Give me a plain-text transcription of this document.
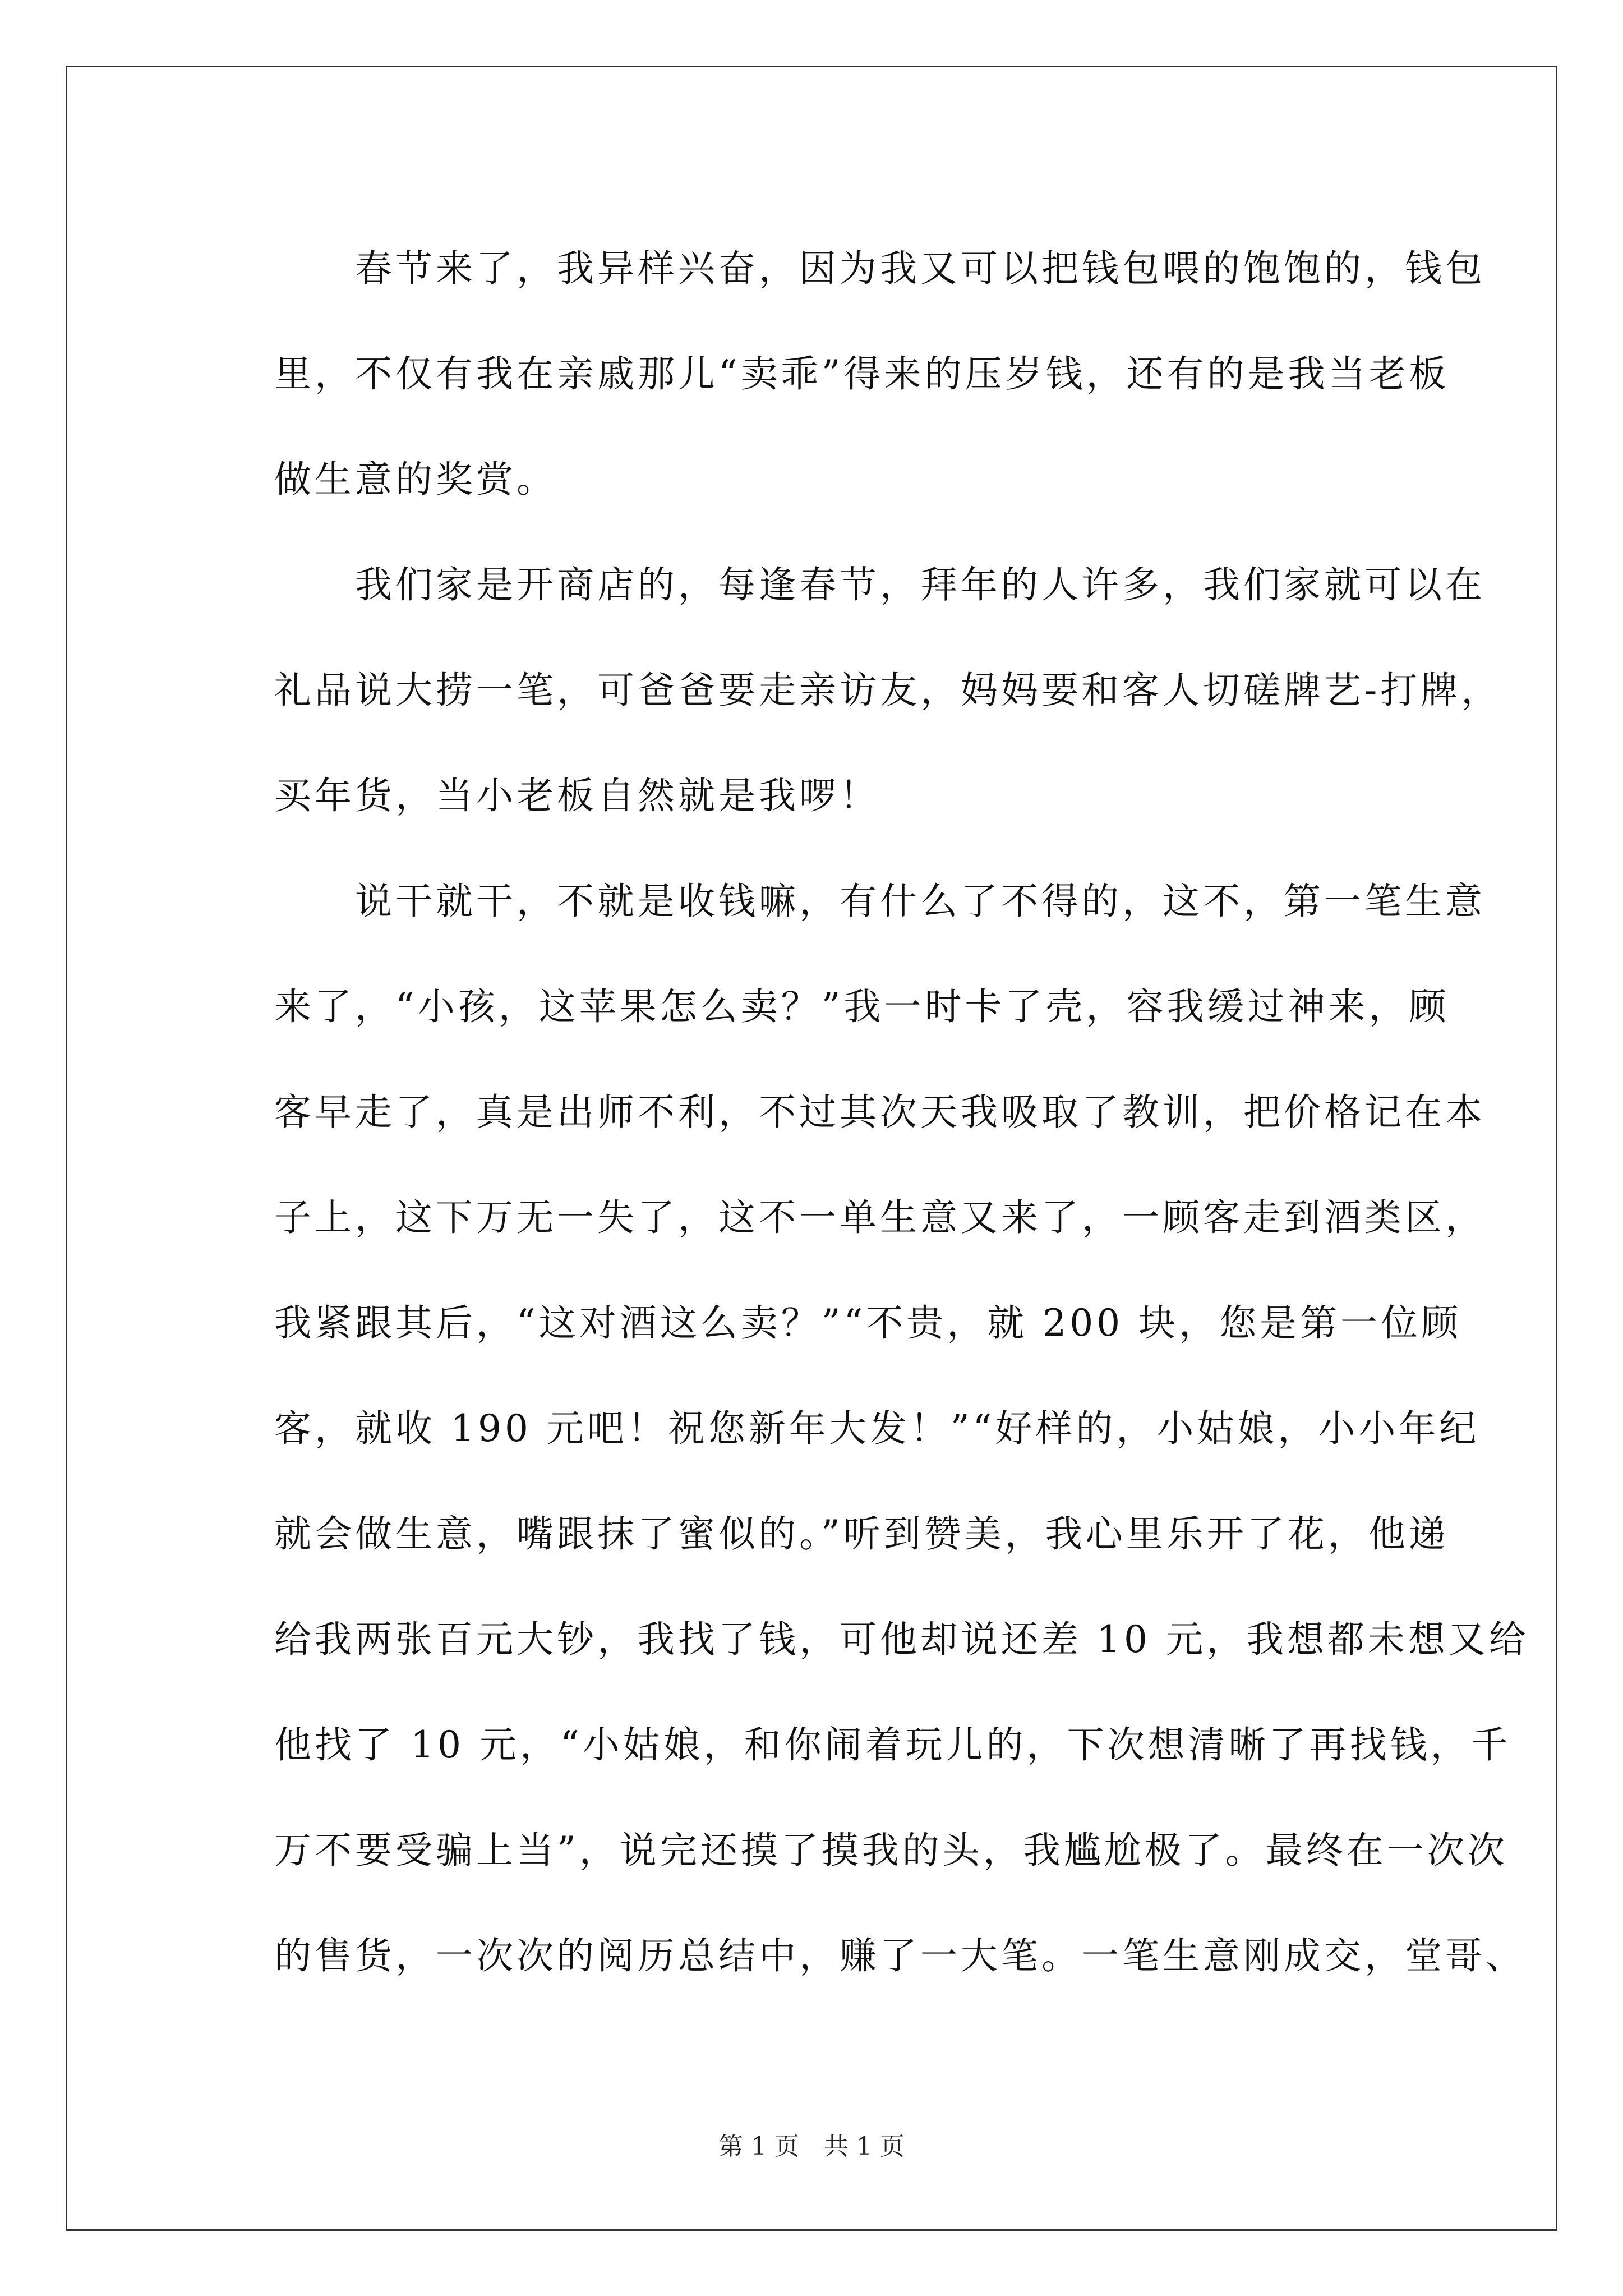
春节来了，我异样兴奋，因为我又可以把钱包喂的饱饱的，钱包
里，不仅有我在亲戚那儿“卖乖”得来的压岁钱，还有的是我当老板
做生意的奖赏。

我们家是开商店的，每逢春节，拜年的人许多，我们家就可以在
礼品说大捞一笔，可爸爸要走亲访友，妈妈要和客人切磋牌艺-打牌，
买年货，当小老板自然就是我啰！

说干就干，不就是收钱嘛，有什么了不得的，这不，第一笔生意
来了，“小孩，这苹果怎么卖？”我一时卡了壳，容我缓过神来，顾
客早走了，真是出师不利，不过其次天我吸取了教训，把价格记在本
子上，这下万无一失了，这不一单生意又来了，一顾客走到酒类区，
我紧跟其后，“这对酒这么卖？”“不贵，就 200 块，您是第一位顾
客，就收 190 元吧！祝您新年大发！”“好样的，小姑娘，小小年纪
就会做生意，嘴跟抹了蜜似的。”听到赞美，我心里乐开了花，他递
给我两张百元大钞，我找了钱，可他却说还差 10 元，我想都未想又给
他找了 10 元，“小姑娘，和你闹着玩儿的，下次想清晰了再找钱，千
万不要受骗上当”，说完还摸了摸我的头，我尴尬极了。最终在一次次
的售货，一次次的阅历总结中，赚了一大笔。一笔生意刚成交，堂哥、

第 1 页　共 1 页
